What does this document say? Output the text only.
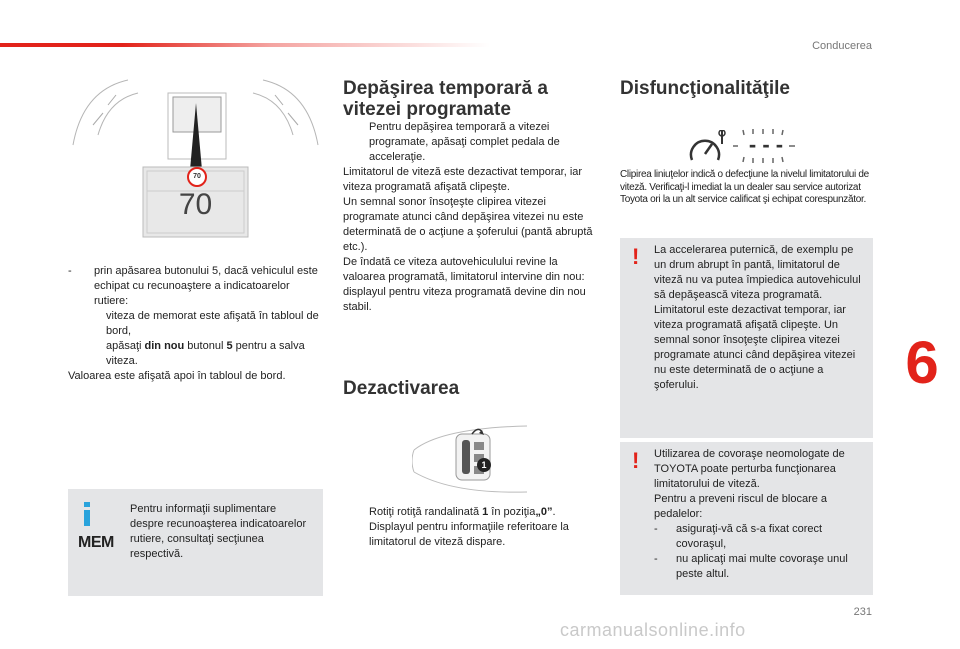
Conducerea
231
6
70
70
- prin apăsarea butonului 5, dacă vehiculul este echipat cu recunoaştere a indicatoarelor rutiere:
viteza de memorat este afişată în tabloul de bord,
apăsaţi din nou butonul 5 pentru a salva viteza.

Valoarea este afişată apoi în tabloul de bord.

MEM
Pentru informaţii suplimentare despre recunoaşterea indicatoarelor rutiere, consultaţi secţiunea respectivă.
Depăşirea temporară a
vitezei programate
Pentru depăşirea temporară a vitezei programate, apăsaţi complet pedala de acceleraţie.

Limitatorul de viteză este dezactivat temporar, iar viteza programată afişată clipeşte.

Un semnal sonor însoţeşte clipirea vitezei programate atunci când depăşirea vitezei nu este determinată de o acţiune a şoferului (pantă abruptă etc.).

De îndată ce viteza autovehiculului revine la valoarea programată, limitatorul intervine din nou: displayul pentru viteza programată devine din nou stabil.

Dezactivarea
1
Rotiţi rotiţă randalinată 1 în poziţia„0”. Displayul pentru informaţiile referitoare la limitatorul de viteză dispare.
Disfuncţionalităţile
- - -
Clipirea liniuţelor indică o defecţiune la nivelul limitatorului de viteză. Verificaţi-l imediat la un dealer sau service autorizat Toyota ori la un alt service calificat şi echipat corespunzător.
! La accelerarea puternică, de exemplu pe un drum abrupt în pantă, limitatorul de viteză nu va putea împiedica autovehiculul să depăşească viteza programată. Limitatorul este dezactivat temporar, iar viteza programată afişată clipeşte. Un semnal sonor însoţeşte clipirea vitezei programate atunci când depăşirea vitezei nu este determinată de o acţiune a şoferului.
! Utilizarea de covoraşe neomologate de TOYOTA poate perturba funcţionarea limitatorului de viteză.
Pentru a preveni riscul de blocare a pedalelor:
- asiguraţi-vă că s-a fixat corect covoraşul,
- nu aplicaţi mai multe covoraşe unul peste altul.
carmanualsonline.info
